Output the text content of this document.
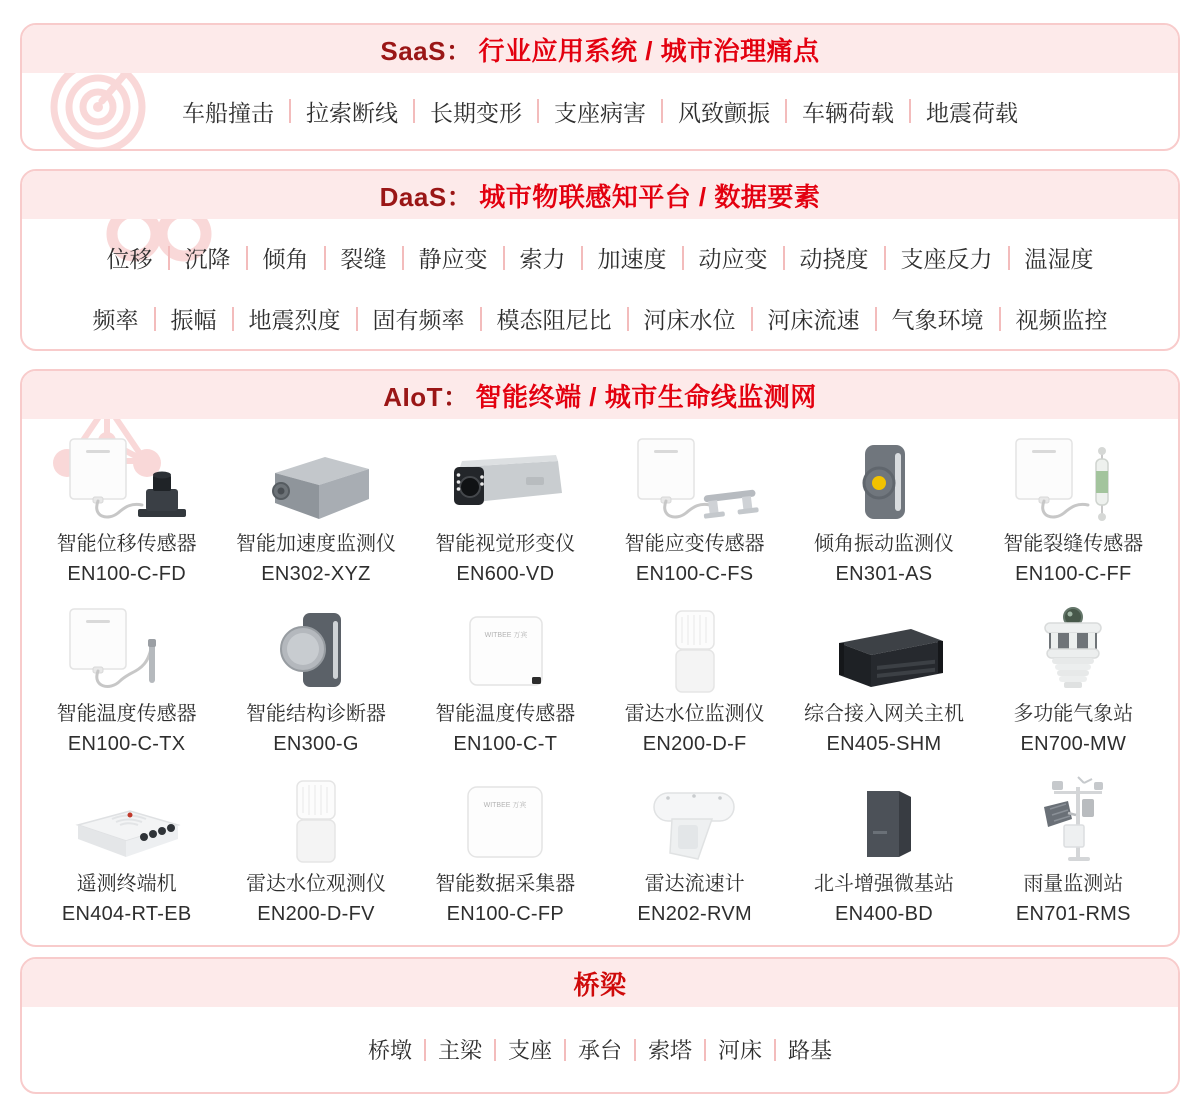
SaaS： 行业应用系统 / 城市治理痛点
车船撞击	拉索断线	长期变形	支座病害	风致颤振	车辆荷载	地震荷载
DaaS： 城市物联感知平台 / 数据要素
位移	沉降	倾角	裂缝	静应变	索力	加速度	动应变	动挠度	支座反力	温湿度
频率	振幅	地震烈度	固有频率	模态阻尼比	河床水位	河床流速	气象环境	视频监控
AIoT： 智能终端 / 城市生命线监测网
智能位移传感器
EN100-C-FD
智能加速度监测仪
EN302-XYZ
智能视觉形变仪
EN600-VD
智能应变传感器
EN100-C-FS
倾角振动监测仪
EN301-AS
智能裂缝传感器
EN100-C-FF
智能温度传感器
EN100-C-TX
智能结构诊断器
EN300-G
WITBEE 万宾
智能温度传感器
EN100-C-T
雷达水位监测仪
EN200-D-F
综合接入网关主机
EN405-SHM
多功能气象站
EN700-MW
遥测终端机
EN404-RT-EB
雷达水位观测仪
EN200-D-FV
WITBEE 万宾
智能数据采集器
EN100-C-FP
雷达流速计
EN202-RVM
北斗增强微基站
EN400-BD
雨量监测站
EN701-RMS
桥梁
桥墩	主梁	支座	承台	索塔	河床	路基
